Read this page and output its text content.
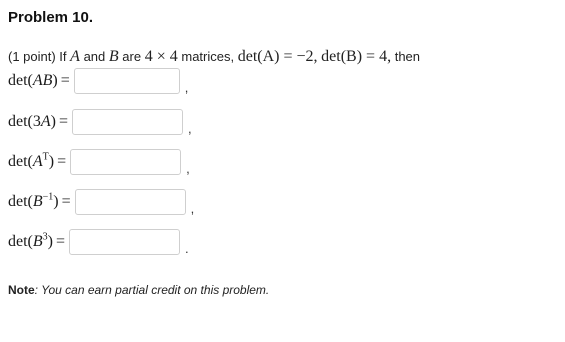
Problem 10.
(1 point) If A and B are 4 × 4 matrices, det(A) = −2, det(B) = 4, then
det(AB) =	,
det(3A) =	,
$\det(A^T)$ =	,
$\det(B^{-1})$ =	,
$\det(B^3)$ =	.
Note: You can earn partial credit on this problem.
